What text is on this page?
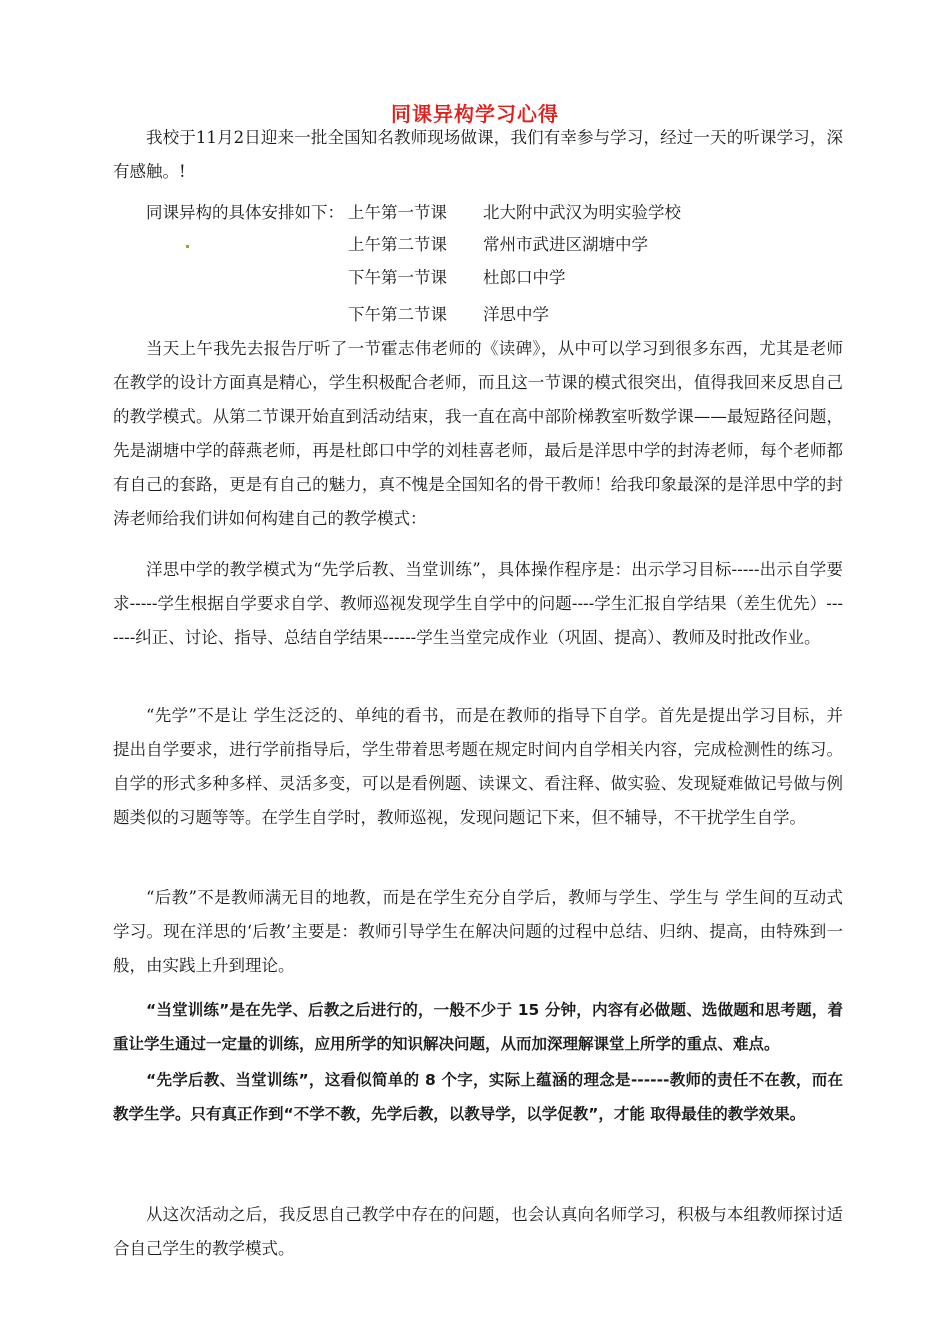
同课异构学习心得
我校于11月2日迎来一批全国知名教师现场做课，我们有幸参与学习，经过一天的听课学习，深有感触。!
同课异构的具体安排如下： 上午第一节课 北大附中武汉为明实验学校
上午第二节课 常州市武进区湖塘中学
下午第一节课 杜郎口中学
下午第二节课 洋思中学
当天上午我先去报告厅听了一节霍志伟老师的《读碑》，从中可以学习到很多东西，尤其是老师在教学的设计方面真是精心，学生积极配合老师，而且这一节课的模式很突出，值得我回来反思自己的教学模式。从第二节课开始直到活动结束，我一直在高中部阶梯教室听数学课——最短路径问题，先是湖塘中学的薛燕老师，再是杜郎口中学的刘桂喜老师，最后是洋思中学的封涛老师，每个老师都有自己的套路，更是有自己的魅力，真不愧是全国知名的骨干教师！给我印象最深的是洋思中学的封涛老师给我们讲如何构建自己的教学模式：
洋思中学的教学模式为“先学后教、当堂训练”，具体操作程序是：出示学习目标-----出示自学要求-----学生根据自学要求自学、教师巡视发现学生自学中的问题----学生汇报自学结果（差生优先）-------纠正、讨论、指导、总结自学结果------学生当堂完成作业（巩固、提高）、教师及时批改作业。
“先学”不是让 学生泛泛的、单纯的看书，而是在教师的指导下自学。首先是提出学习目标，并提出自学要求，进行学前指导后，学生带着思考题在规定时间内自学相关内容，完成检测性的练习。自学的形式多种多样、灵活多变，可以是看例题、读课文、看注释、做实验、发现疑难做记号做与例题类似的习题等等。在学生自学时，教师巡视，发现问题记下来，但不辅导，不干扰学生自学。
“后教”不是教师满无目的地教，而是在学生充分自学后，教师与学生、学生与 学生间的互动式学习。现在洋思的‘后教’主要是：教师引导学生在解决问题的过程中总结、归纳、提高，由特殊到一般，由实践上升到理论。
“当堂训练”是在先学、后教之后进行的，一般不少于 15 分钟，内容有必做题、选做题和思考题，着重让学生通过一定量的训练，应用所学的知识解决问题，从而加深理解课堂上所学的重点、难点。
“先学后教、当堂训练”，这看似简单的 8 个字，实际上蕴涵的理念是------教师的责任不在教，而在教学生学。只有真正作到“不学不教，先学后教，以教导学，以学促教”，才能 取得最佳的教学效果。
从这次活动之后，我反思自己教学中存在的问题，也会认真向名师学习，积极与本组教师探讨适合自己学生的教学模式。
